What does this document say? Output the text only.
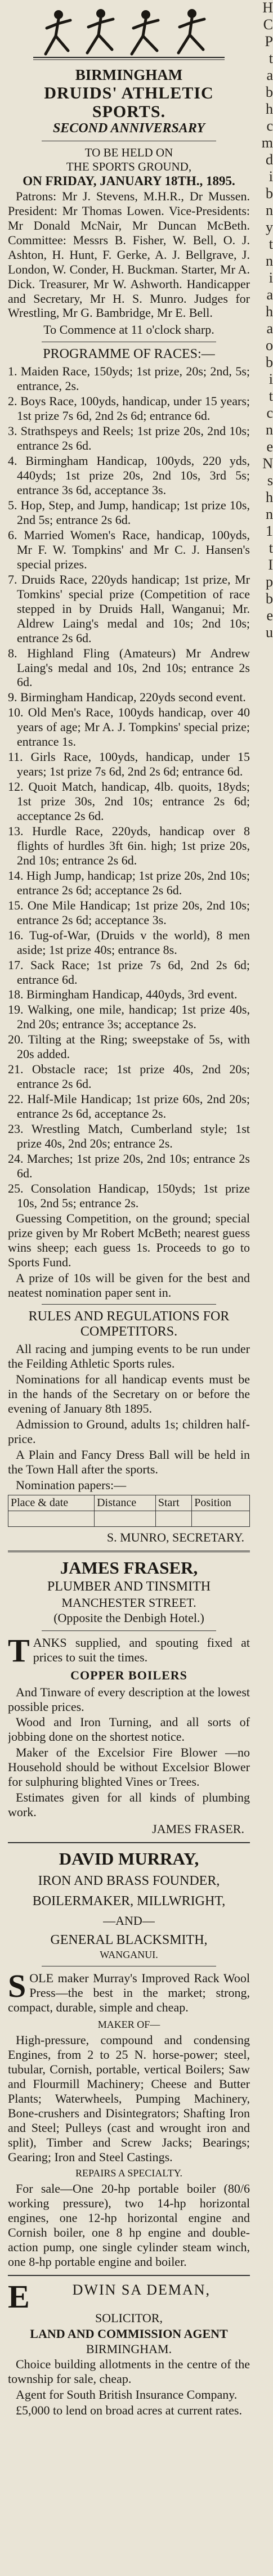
BIRMINGHAM
DRUIDS' ATHLETIC SPORTS.
SECOND ANNIVERSARY
TO BE HELD ON
THE SPORTS GROUND,
ON FRIDAY, JANUARY 18TH., 1895.

Patrons: Mr J. Stevens, M.H.R., Dr Mussen. President: Mr Thomas Lowen. Vice-Presidents: Mr Donald McNair, Mr Duncan McBeth. Committee: Messrs B. Fisher, W. Bell, O. J. Ashton, H. Hunt, F. Gerke, A. J. Bellgrave, J. London, W. Conder, H. Buckman. Starter, Mr A. Dick. Treasurer, Mr W. Ashworth. Handicapper and Secretary, Mr H. S. Munro. Judges for Wrestling, Mr G. Bambridge, Mr E. Bell.

To Commence at 11 o'clock sharp.
PROGRAMME OF RACES:—

1. Maiden Race, 150yds; 1st prize, 20s; 2nd, 5s; entrance, 2s.

2. Boys Race, 100yds, handicap, under 15 years; 1st prize 7s 6d, 2nd 2s 6d; entrance 6d.

3. Strathspeys and Reels; 1st prize 20s, 2nd 10s; entrance 2s 6d.

4. Birmingham Handicap, 100yds, 220 yds, 440yds; 1st prize 20s, 2nd 10s, 3rd 5s; entrance 3s 6d, acceptance 3s.

5. Hop, Step, and Jump, handicap; 1st prize 10s, 2nd 5s; entrance 2s 6d.

6. Married Women's Race, handicap, 100yds, Mr F. W. Tompkins' and Mr C. J. Hansen's special prizes.

7. Druids Race, 220yds handicap; 1st prize, Mr Tomkins' special prize (Competition of race stepped in by Druids Hall, Wanganui; Mr. Aldrew Laing's medal and 10s; 2nd 10s; entrance 2s 6d.

8. Highland Fling (Amateurs) Mr Andrew Laing's medal and 10s, 2nd 10s; entrance 2s 6d.

9. Birmingham Handicap, 220yds second event.

10. Old Men's Race, 100yds handicap, over 40 years of age; Mr A. J. Tompkins' special prize; entrance 1s.

11. Girls Race, 100yds, handicap, under 15 years; 1st prize 7s 6d, 2nd 2s 6d; entrance 6d.

12. Quoit Match, handicap, 4lb. quoits, 18yds; 1st prize 30s, 2nd 10s; entrance 2s 6d; acceptance 2s 6d.

13. Hurdle Race, 220yds, handicap over 8 flights of hurdles 3ft 6in. high; 1st prize 20s, 2nd 10s; entrance 2s 6d.

14. High Jump, handicap; 1st prize 20s, 2nd 10s; entrance 2s 6d; acceptance 2s 6d.

15. One Mile Handicap; 1st prize 20s, 2nd 10s; entrance 2s 6d; acceptance 3s.

16. Tug-of-War, (Druids v the world), 8 men aside; 1st prize 40s; entrance 8s.

17. Sack Race; 1st prize 7s 6d, 2nd 2s 6d; entrance 6d.

18. Birmingham Handicap, 440yds, 3rd event.

19. Walking, one mile, handicap; 1st prize 40s, 2nd 20s; entrance 3s; acceptance 2s.

20. Tilting at the Ring; sweepstake of 5s, with 20s added.

21. Obstacle race; 1st prize 40s, 2nd 20s; entrance 2s 6d.

22. Half-Mile Handicap; 1st prize 60s, 2nd 20s; entrance 2s 6d, acceptance 2s.

23. Wrestling Match, Cumberland style; 1st prize 40s, 2nd 20s; entrance 2s.

24. Marches; 1st prize 20s, 2nd 10s; entrance 2s 6d.

25. Consolation Handicap, 150yds; 1st prize 10s, 2nd 5s; entrance 2s.

Guessing Competition, on the ground; special prize given by Mr Robert McBeth; nearest guess wins sheep; each guess 1s. Proceeds to go to Sports Fund.

A prize of 10s will be given for the best and neatest nomination paper sent in.

RULES AND REGULATIONS FOR COMPETITORS.

All racing and jumping events to be run under the Feilding Athletic Sports rules.

Nominations for all handicap events must be in the hands of the Secretary on or before the evening of January 8th 1895.

Admission to Ground, adults 1s; children half-price.

A Plain and Fancy Dress Ball will be held in the Town Hall after the sports.

Nomination papers:—

Place & date	Distance	Start	Position

S. MUNRO, SECRETARY.
JAMES FRASER,
PLUMBER AND TINSMITH
MANCHESTER STREET.
(Opposite the Denbigh Hotel.)
T ANKS supplied, and spouting fixed at prices to suit the times.
COPPER BOILERS

And Tinware of every description at the lowest possible prices.

Wood and Iron Turning, and all sorts of jobbing done on the shortest notice.

Maker of the Excelsior Fire Blower —no Household should be without Excelsior Blower for sulphuring blighted Vines or Trees.

Estimates given for all kinds of plumbing work.

JAMES FRASER.
DAVID MURRAY,
IRON AND BRASS FOUNDER,
BOILERMAKER, MILLWRIGHT,
—AND—
GENERAL BLACKSMITH,
WANGANUI.
S OLE maker Murray's Improved Rack Wool Press—the best in the market; strong, compact, durable, simple and cheap.
MAKER OF—

High-pressure, compound and condensing Engines, from 2 to 25 N. horse-power; steel, tubular, Cornish, portable, vertical Boilers; Saw and Flourmill Machinery; Cheese and Butter Plants; Waterwheels, Pumping Machinery, Bone-crushers and Disintegrators; Shafting Iron and Steel; Pulleys (cast and wrought iron and split), Timber and Screw Jacks; Bearings; Gearing; Iron and Steel Castings.

REPAIRS A SPECIALTY.

For sale—One 20-hp portable boiler (80/6 working pressure), two 14-hp horizontal engines, one 12-hp horizontal engine and Cornish boiler, one 8 hp engine and double-action pump, one single cylinder steam winch, one 8-hp portable engine and boiler.

E	DWIN SA DEMAN,
SOLICITOR,
LAND AND COMMISSION AGENT
BIRMINGHAM.

Choice building allotments in the centre of the township for sale, cheap.

Agent for South British Insurance Company.

£5,000 to lend on broad acres at current rates.

H
C
P
t
a
b
h
c
m
d
i
b
n
y
t
n
i
a
h
a
o
b
i
t
c
n
e
N
s
h
n
1
t
I
p
b
e
u
